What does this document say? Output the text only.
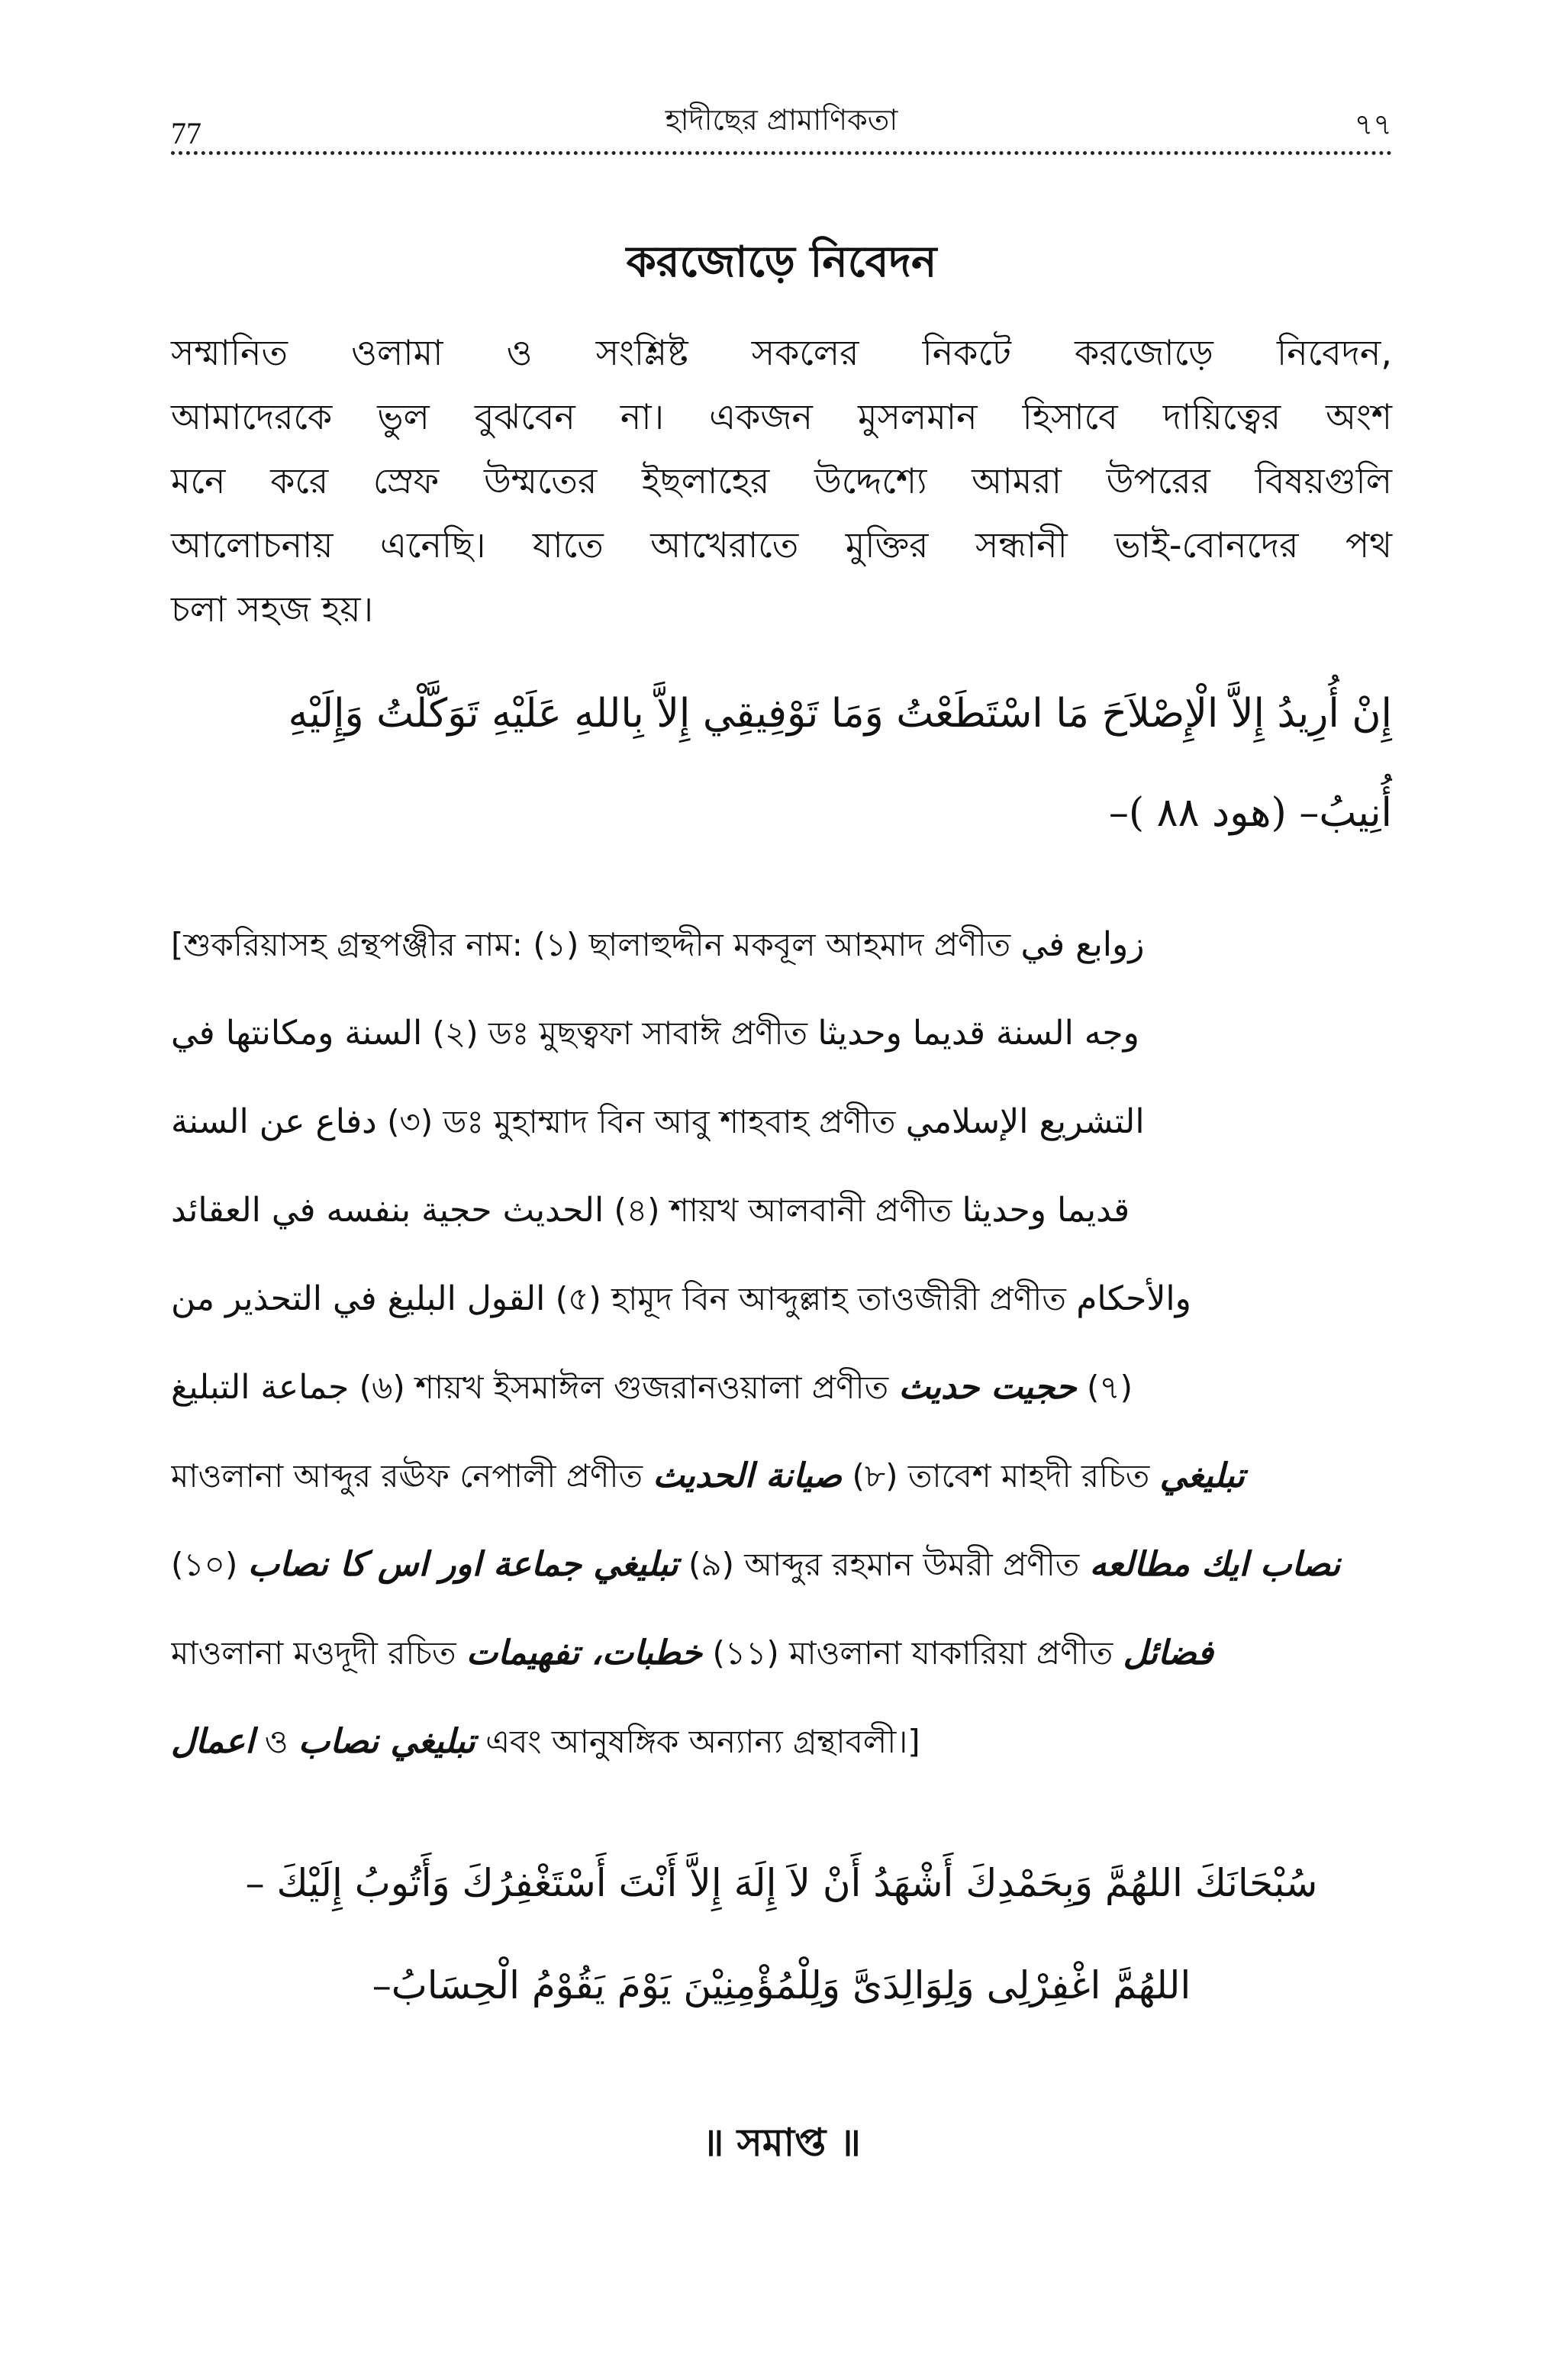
77	হাদীছের প্রামাণিকতা	৭৭
করজোড়ে নিবেদন
সম্মানিত ওলামা ও সংশ্লিষ্ট সকলের নিকটে করজোড়ে নিবেদন,
আমাদেরকে ভুল বুঝবেন না। একজন মুসলমান হিসাবে দায়িত্বের অংশ
মনে করে স্রেফ উম্মতের ইছলাহের উদ্দেশ্যে আমরা উপরের বিষয়গুলি
আলোচনায় এনেছি। যাতে আখেরাতে মুক্তির সন্ধানী ভাই-বোনদের পথ
চলা সহজ হয়।
إِنْ أُرِيدُ إِلاَّ الْإِصْلاَحَ مَا اسْتَطَعْتُ وَمَا تَوْفِيقِي إِلاَّ بِاللهِ عَلَيْهِ تَوَكَّلْتُ وَإِلَيْهِ
أُنِيبُ– (هود ٨٨ )–
[শুকরিয়াসহ গ্রন্থপঞ্জীর নাম: (১) ছালাহুদ্দীন মকবূল আহমাদ প্রণীত زوابع في
السنة ومكانتها في (২) ডঃ মুছত্বফা সাবাঈ প্রণীত وجه السنة قديما وحديثا
دفاع عن السنة (৩) ডঃ মুহাম্মাদ বিন আবু শাহবাহ প্রণীত التشريع الإسلامي
الحديث حجية بنفسه في العقائد (৪) শায়খ আলবানী প্রণীত قديما وحديثا
القول البليغ في التحذير من (৫) হামূদ বিন আব্দুল্লাহ তাওজীরী প্রণীত والأحكام
جماعة التبليغ (৬) শায়খ ইসমাঈল গুজরানওয়ালা প্রণীত حجيت حديث (৭)
মাওলানা আব্দুর রঊফ নেপালী প্রণীত صيانة الحديث (৮) তাবেশ মাহদী রচিত تبليغي
(১০) تبليغي جماعة اور اس كا نصاب (৯) আব্দুর রহমান উমরী প্রণীত نصاب ايك مطالعه
মাওলানা মওদূদী রচিত خطبات، تفهيمات (১১) মাওলানা যাকারিয়া প্রণীত فضائل
اعمال ও تبليغي نصاب এবং আনুষঙ্গিক অন্যান্য গ্রন্থাবলী।]
سُبْحَانَكَ اللهُمَّ وَبِحَمْدِكَ أَشْهَدُ أَنْ لاَ إِلَهَ إِلاَّ أَنْتَ أَسْتَغْفِرُكَ وَأَتُوبُ إِلَيْكَ –
اللهُمَّ اغْفِرْلِى وَلِوَالِدَىَّ وَلِلْمُؤْمِنِيْنَ يَوْمَ يَقُوْمُ الْحِسَابُ–
॥ সমাপ্ত ॥
